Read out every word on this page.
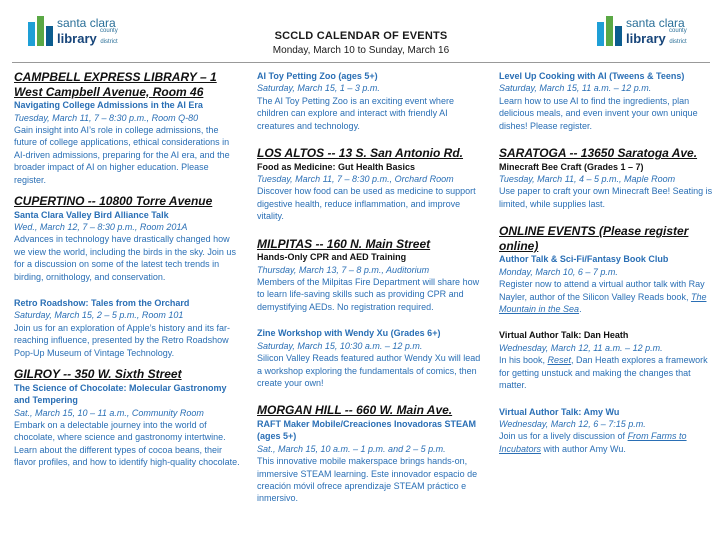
santa clara
county
library district
santa clara
county
library district
SCCLD CALENDAR OF EVENTS
Monday, March 10 to Sunday, March 16
CAMPBELL EXPRESS LIBRARY – 1 West Campbell Avenue, Room 46
Navigating College Admissions in the AI Era
Tuesday, March 11, 7 – 8:30 p.m., Room Q-80
Gain insight into AI’s role in college admissions, the future of college applications, ethical considerations in AI-driven admissions, preparing for the AI era, and the broader impact of AI on higher education. Please register.
CUPERTINO -- 10800 Torre Avenue
Santa Clara Valley Bird Alliance Talk
Wed., March 12, 7 – 8:30 p.m., Room 201A
Advances in technology have drastically changed how we view the world, including the birds in the sky. Join us for a discussion on some of the latest tech trends in birding, ornithology, and conservation.
Retro Roadshow: Tales from the Orchard
Saturday, March 15, 2 – 5 p.m., Room 101
Join us for an exploration of Apple’s history and its far-reaching influence, presented by the Retro Roadshow Pop-Up Museum of Vintage Technology.
GILROY -- 350 W. Sixth Street
The Science of Chocolate: Molecular Gastronomy and Tempering
Sat., March 15, 10 – 11 a.m., Community Room
Embark on a delectable journey into the world of chocolate, where science and gastronomy intertwine. Learn about the different types of cocoa beans, their flavor profiles, and how to identify high-quality chocolate.
AI Toy Petting Zoo (ages 5+)
Saturday, March 15, 1 – 3 p.m.
The AI Toy Petting Zoo is an exciting event where children can explore and interact with friendly AI creatures and technology.
LOS ALTOS -- 13 S. San Antonio Rd.
Food as Medicine: Gut Health Basics
Tuesday, March 11, 7 – 8:30 p.m., Orchard Room
Discover how food can be used as medicine to support digestive health, reduce inflammation, and improve vitality.
MILPITAS -- 160 N. Main Street
Hands-Only CPR and AED Training
Thursday, March 13, 7 – 8 p.m., Auditorium
Members of the Milpitas Fire Department will share how to learn life-saving skills such as providing CPR and demystifying AEDs. No registration required.
Zine Workshop with Wendy Xu (Grades 6+)
Saturday, March 15, 10:30 a.m. – 12 p.m.
Silicon Valley Reads featured author Wendy Xu will lead a workshop exploring the fundamentals of comics, then create your own!
MORGAN HILL -- 660 W. Main Ave.
RAFT Maker Mobile/Creaciones Inovadoras STEAM (ages 5+)
Sat., March 15, 10 a.m. – 1 p.m. and 2 – 5 p.m.
This innovative mobile makerspace brings hands-on, immersive STEAM learning. Este innovador espacio de creación móvil ofrece aprendizaje STEAM práctico e inmersivo.
Level Up Cooking with AI (Tweens & Teens)
Saturday, March 15, 11 a.m. – 12 p.m.
Learn how to use AI to find the ingredients, plan delicious meals, and even invent your own unique dishes! Please register.
SARATOGA -- 13650 Saratoga Ave.
Minecraft Bee Craft (Grades 1 – 7)
Tuesday, March 11, 4 – 5 p.m., Maple Room
Use paper to craft your own Minecraft Bee! Seating is limited, while supplies last.
ONLINE EVENTS (Please register online)
Author Talk & Sci-Fi/Fantasy Book Club
Monday, March 10, 6 – 7 p.m.
Register now to attend a virtual author talk with Ray Nayler, author of the Silicon Valley Reads book, The Mountain in the Sea.
Virtual Author Talk: Dan Heath
Wednesday, March 12, 11 a.m. – 12 p.m.
In his book, Reset, Dan Heath explores a framework for getting unstuck and making the changes that matter.
Virtual Author Talk: Amy Wu
Wednesday, March 12, 6 – 7:15 p.m.
Join us for a lively discussion of From Farms to Incubators with author Amy Wu.
